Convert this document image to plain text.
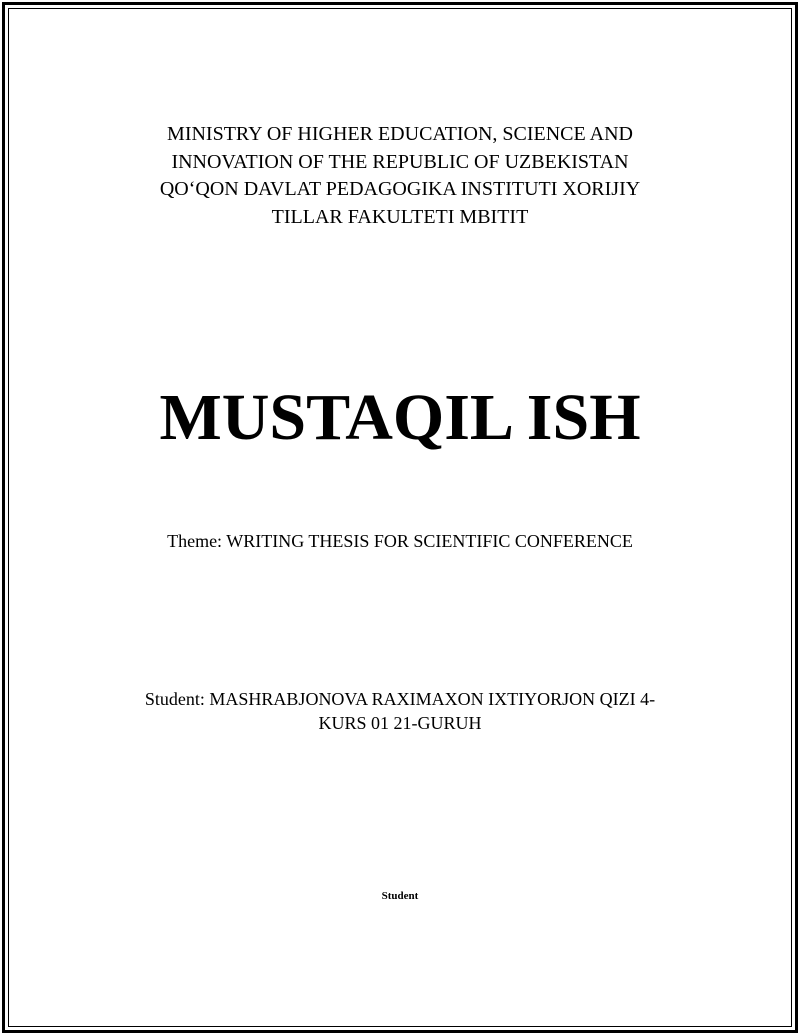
MINISTRY OF HIGHER EDUCATION, SCIENCE AND
INNOVATION OF THE REPUBLIC OF UZBEKISTAN
QO‘QON DAVLAT PEDAGOGIKA INSTITUTI XORIJIY
TILLAR FAKULTETI MBITIT
MUSTAQIL ISH
Theme: WRITING THESIS FOR SCIENTIFIC CONFERENCE
Student: MASHRABJONOVA RAXIMAXON IXTIYORJON QIZI 4-
KURS 01 21-GURUH
Student
